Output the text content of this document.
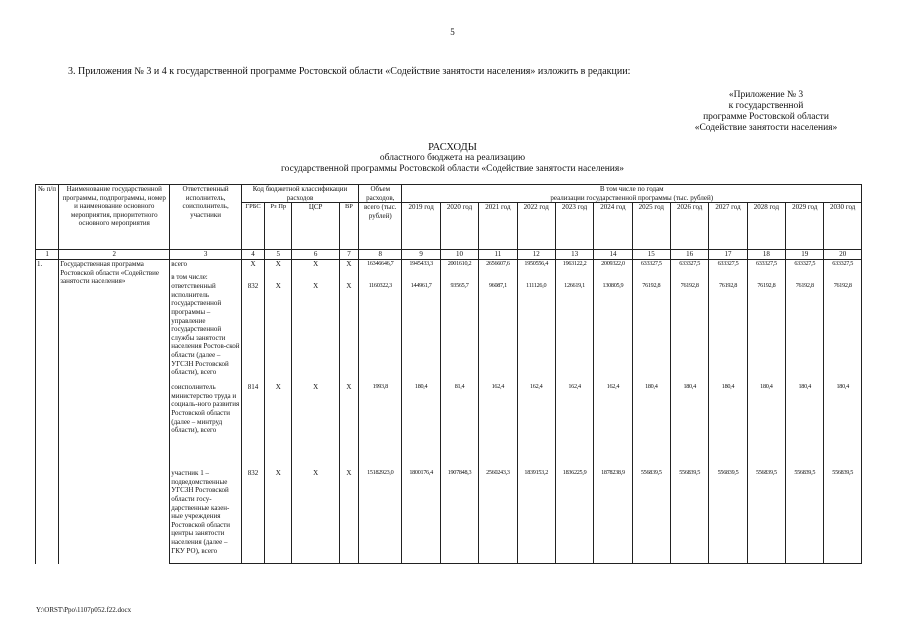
5
3. Приложения № 3 и 4 к государственной программе Ростовской области «Содействие занятости населения» изложить в редакции:
«Приложение № 3
к государственной
программе Ростовской области
«Содействие занятости населения»
РАСХОДЫ
областного бюджета на реализацию
государственной программы Ростовской области «Содействие занятости населения»
№ п/п	Наименование государственной программы, подпрограммы, номер и наименование основного мероприятия, приоритетного основного мероприятия	Ответственный исполнитель, соисполнитель, участники	Код бюджетной классификации расходов				Объем расходов,	В том числе по годам
реализации государственной программы (тыс. рублей)											

			ГРБС	Рз Пр	ЦСР	ВР	всего (тыс. рублей)	2019 год	2020 год	2021 год	2022 год	2023 год	2024 год	2025 год	2026 год	2027 год	2028 год	2029 год	2030 год
1	2	3	4	5	6	7	8	9	10	11	12	13	14	15	16	17	18	19	20
1.	Государственная программа Ростовской области «Содействие занятости населения»	всего	Х	Х	Х	Х	16346646,7	1945433,3	2001610,2	2656607,6	1950556,4	1963122,2	2009322,0	633327,5	633327,5	633327,5	633327,5	633327,5	633327,5
		в том числе:																	
		ответственный исполнитель государственной программы – управление государственной службы занятости населения Ростов-ской области (далее – УГСЗН Ростовской области), всего	832	Х	Х	Х	1160322,3	144961,7	93565,7	96087,1	111126,0	126619,1	130805,9	76192,8	76192,8	76192,8	76192,8	76192,8	76192,8
		соисполнитель министерство труда и социаль-ного развития Ростовской области (далее – минтруд области), всего	814	Х	Х	Х	1993,8	180,4	81,4	162,4	162,4	162,4	162,4	180,4	180,4	180,4	180,4	180,4	180,4
		участник 1 – подведомственные УГСЗН Ростовской области госу-дарственные казен-ные учреждения Ростовской области центры занятости населения (далее – ГКУ РО), всего	832	Х	Х	Х	15182923,0	1800176,4	1907848,3	2560243,3	1839153,2	1836225,9	1878238,9	556839,5	556839,5	556839,5	556839,5	556839,5	556839,5
Y:\ORST\Ppo\1107p052.f22.docx
